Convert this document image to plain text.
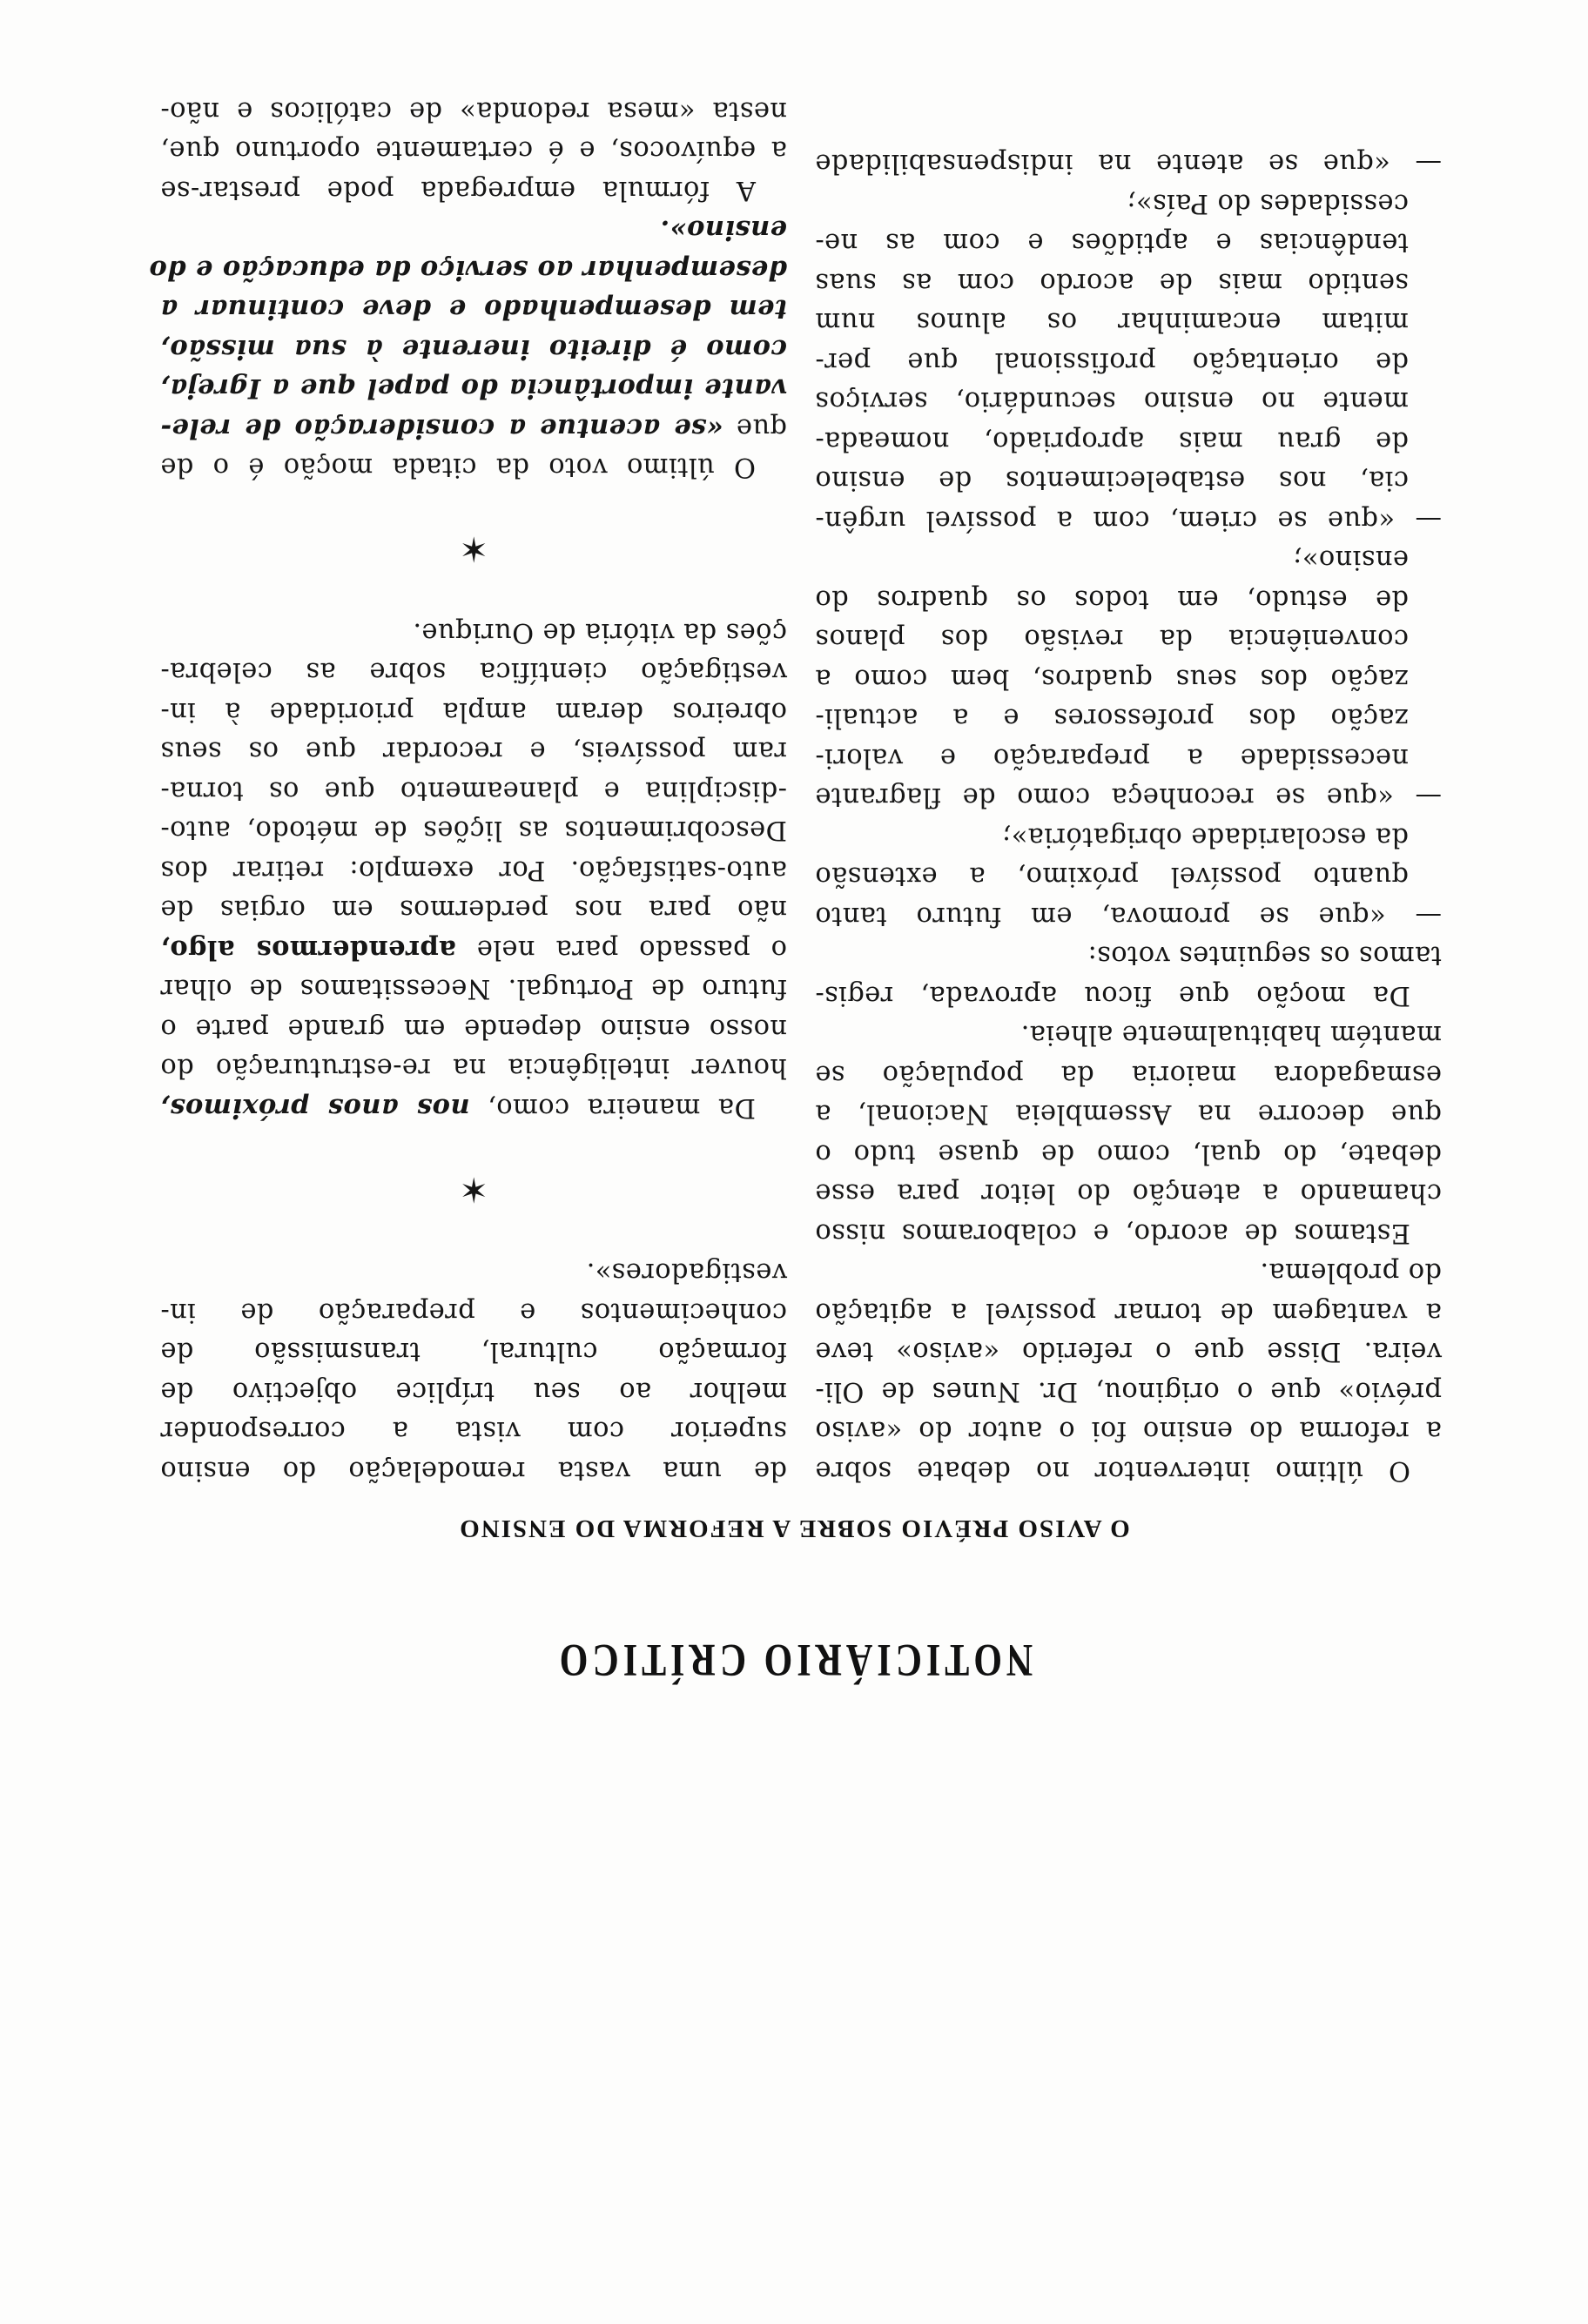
NOTICIÁRIO CRÍTICO
O AVISO PRÉVIO SOBRE A REFORMA DO ENSINO
O último interventor no debate sobre
a reforma do ensino foi o autor do «aviso
prévio» que o originou, Dr. Nunes de Oli-
veira. Disse que o referido «aviso» teve
a vantagem de tornar possível a agitação
do problema.
Estamos de acordo, e colaboramos nisso
chamando a atenção do leitor para esse
debate, do qual, como de quase tudo o
que decorre na Assembleia Nacional, a
esmagadora maioria da população se
mantém habitualmente alheia.
Da moção que ficou aprovada, regis-
tamos os seguintes votos:
— «que se promova, em futuro tanto
quanto possível próximo, a extensão
da escolaridade obrigatória»;
— «que se reconheça como de flagrante
necessidade a preparação e valori-
zação dos professores e a actuali-
zação dos seus quadros, bem como a
conveniência da revisão dos planos
de estudo, em todos os quadros do
ensino»;
— «que se criem, com a possível urgên-
cia, nos estabelecimentos de ensino
de grau mais apropriado, nomeada-
mente no ensino secundário, serviços
de orientação profissional que per-
mitam encaminhar os alunos num
sentido mais de acordo com as suas
tendências e aptidões e com as ne-
cessidades do País»;
— «que se atente na indispensabilidade
de uma vasta remodelação do ensino
superior com vista a corresponder
melhor ao seu tríplice objectivo de
formação cultural, transmissão de
conhecimentos e preparação de in-
vestigadores».
✶
Da maneira como, nos anos próximos,
houver inteligência na re-estruturação do
nosso ensino depende em grande parte o
futuro de Portugal. Necessitamos de olhar
o passado para nele aprendermos algo,
não para nos perdermos em orgias de
auto-satisfação. Por exemplo: retirar dos
Descobrimentos as lições de método, auto-
-disciplina e planeamento que os torna-
ram possíveis, e recordar que os seus
obreiros deram ampla prioridade à in-
vestigação científica sobre as celebra-
ções da vitória de Ourique.
✶
O último voto da citada moção é o de
que «se acentue a consideração de rele-
vante importância do papel que a Igreja,
como é direito inerente à sua missão,
tem desempenhado e deve continuar a
desempenhar ao serviço da educação e do
ensino».
A fórmula empregada pode prestar-se
a equívocos, e é certamente oportuno que,
nesta «mesa redonda» de católicos e não-
